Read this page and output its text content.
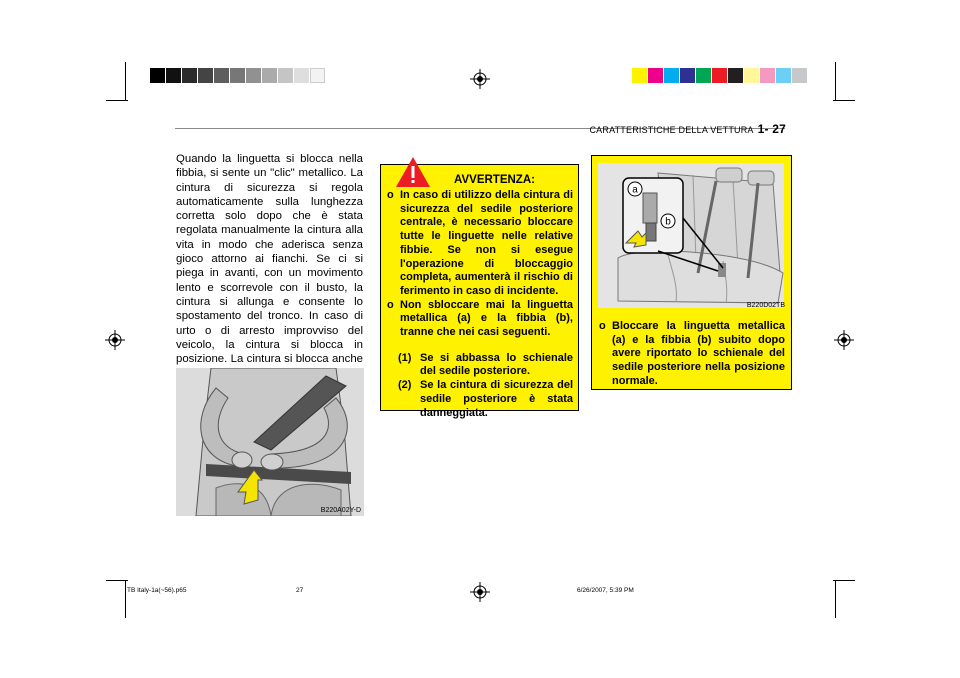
CARATTERISTICHE DELLA VETTURA 1- 27
Quando la linguetta si blocca nella fibbia, si sente un "clic" metallico. La cintura di sicurezza si regola automaticamente sulla lunghezza corretta solo dopo che è stata regolata manualmente la cintura alla vita in modo che aderisca senza gioco attorno ai fianchi. Se ci si piega in avanti, con un movimento lento e scorrevole con il busto, la cintura si allunga e consente lo spostamento del tronco. In caso di urto o di arresto improvviso del veicolo, la cintura si blocca in posizione. La cintura si blocca anche
B220A02Y-D
AVVERTENZA:
o In caso di utilizzo della cintura di sicurezza del sedile posteriore centrale, è necessario bloccare tutte le linguette nelle relative fibbie. Se non si esegue l'operazione di bloccaggio completa, aumenterà il rischio di ferimento in caso di incidente.
o Non sbloccare mai la linguetta metallica (a) e la fibbia (b), tranne che nei casi seguenti.
(1) Se si abbassa lo schienale del sedile posteriore.
(2) Se la cintura di sicurezza del sedile posteriore è stata danneggiata.
a
b
B220D02TB
o Bloccare la linguetta metallica (a) e la fibbia (b) subito dopo avere riportato lo schienale del sedile posteriore nella posizione normale.
TB Italy-1a(~56).p65	27	6/26/2007, 5:39 PM
